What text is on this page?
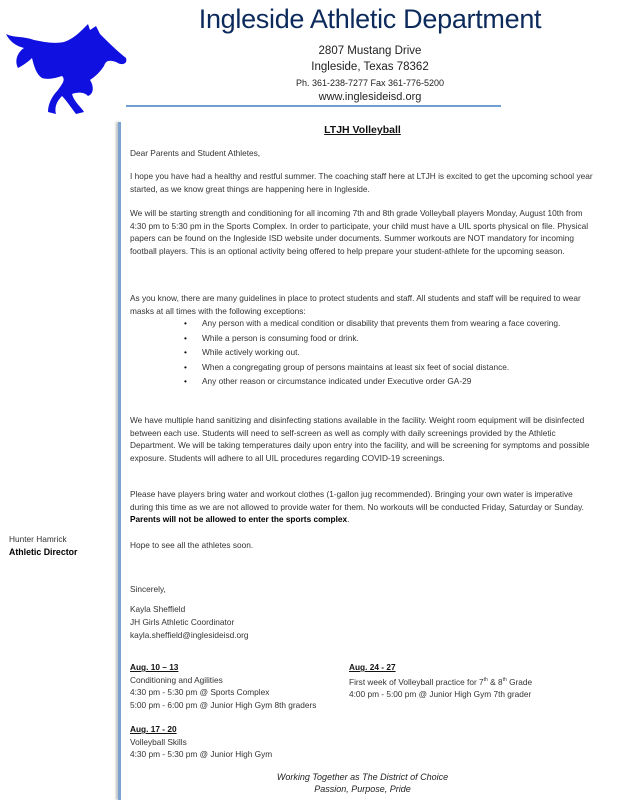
Ingleside Athletic Department
2807 Mustang Drive
Ingleside, Texas 78362
Ph. 361-238-7277 Fax 361-776-5200
www.inglesideisd.org
Hunter Hamrick
Athletic Director
LTJH Volleyball
Dear Parents and Student Athletes,
I hope you have had a healthy and restful summer. The coaching staff here at LTJH is excited to get the upcoming school year started, as we know great things are happening here in Ingleside.
We will be starting strength and conditioning for all incoming 7th and 8th grade Volleyball players Monday, August 10th from 4:30 pm to 5:30 pm in the Sports Complex. In order to participate, your child must have a UIL sports physical on file. Physical papers can be found on the Ingleside ISD website under documents. Summer workouts are NOT mandatory for incoming football players. This is an optional activity being offered to help prepare your student-athlete for the upcoming season.
As you know, there are many guidelines in place to protect students and staff. All students and staff will be required to wear masks at all times with the following exceptions:
• Any person with a medical condition or disability that prevents them from wearing a face covering.
• While a person is consuming food or drink.
• While actively working out.
• When a congregating group of persons maintains at least six feet of social distance.
• Any other reason or circumstance indicated under Executive order GA-29
We have multiple hand sanitizing and disinfecting stations available in the facility. Weight room equipment will be disinfected between each use. Students will need to self-screen as well as comply with daily screenings provided by the Athletic Department. We will be taking temperatures daily upon entry into the facility, and will be screening for symptoms and possible exposure. Students will adhere to all UIL procedures regarding COVID-19 screenings.
Please have players bring water and workout clothes (1-gallon jug recommended). Bringing your own water is imperative during this time as we are not allowed to provide water for them. No workouts will be conducted Friday, Saturday or Sunday. Parents will not be allowed to enter the sports complex.
Hope to see all the athletes soon.
Sincerely,
Kayla Sheffield
JH Girls Athletic Coordinator
kayla.sheffield@inglesideisd.org
Aug. 10 – 13
Conditioning and Agilities
4:30 pm - 5:30 pm @ Sports Complex
5:00 pm - 6:00 pm @ Junior High Gym 8th graders
Aug. 24 - 27
First week of Volleyball practice for 7th & 8th Grade
4:00 pm - 5:00 pm @ Junior High Gym 7th grader
Aug. 17 - 20
Volleyball Skills
4:30 pm - 5:30 pm @ Junior High Gym
Working Together as The District of Choice
Passion, Purpose, Pride
